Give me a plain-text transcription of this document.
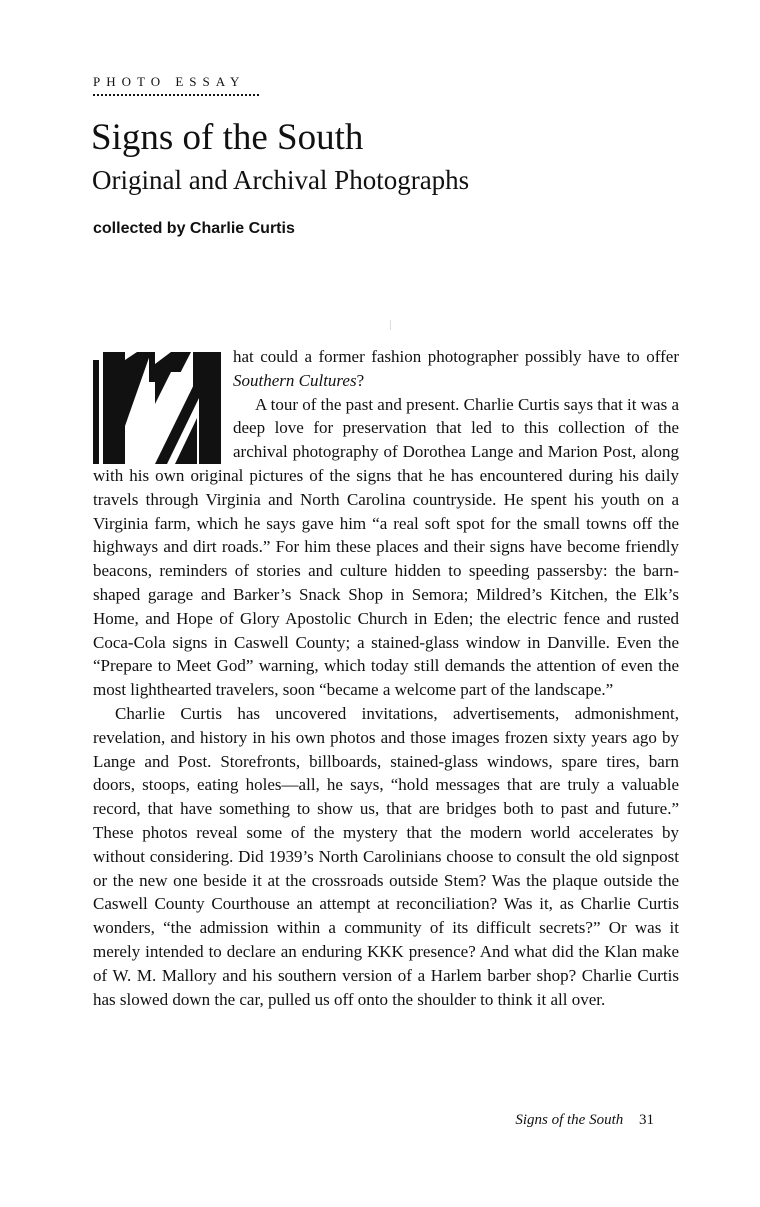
PHOTO ESSAY
Signs of the South
Original and Archival Photographs
collected by Charlie Curtis

hat could a former fashion photographer possibly have to offer Southern Cultures?

A tour of the past and present. Charlie Curtis says that it was a deep love for preservation that led to this collection of the archival photography of Dorothea Lange and Marion Post, along with his own original pictures of the signs that he has encountered during his daily travels through Virginia and North Carolina countryside. He spent his youth on a Virginia farm, which he says gave him “a real soft spot for the small towns off the highways and dirt roads.” For him these places and their signs have become friendly beacons, reminders of stories and culture hidden to speeding passersby: the barn-shaped garage and Barker’s Snack Shop in Semora; Mildred’s Kitchen, the Elk’s Home, and Hope of Glory Apostolic Church in Eden; the electric fence and rusted Coca-Cola signs in Caswell County; a stained-glass window in Danville. Even the “Prepare to Meet God” warning, which today still demands the attention of even the most lighthearted travelers, soon “became a welcome part of the landscape.”

Charlie Curtis has uncovered invitations, advertisements, admonishment, revelation, and history in his own photos and those images frozen sixty years ago by Lange and Post. Storefronts, billboards, stained-glass windows, spare tires, barn doors, stoops, eating holes—all, he says, “hold messages that are truly a valuable record, that have something to show us, that are bridges both to past and future.” These photos reveal some of the mystery that the modern world accelerates by without considering. Did 1939’s North Carolinians choose to consult the old signpost or the new one beside it at the crossroads outside Stem? Was the plaque outside the Caswell County Courthouse an attempt at reconciliation? Was it, as Charlie Curtis wonders, “the admission within a community of its difficult secrets?” Or was it merely intended to declare an enduring KKK presence? And what did the Klan make of W. M. Mallory and his southern version of a Harlem barber shop? Charlie Curtis has slowed down the car, pulled us off onto the shoulder to think it all over.

Signs of the South 31
